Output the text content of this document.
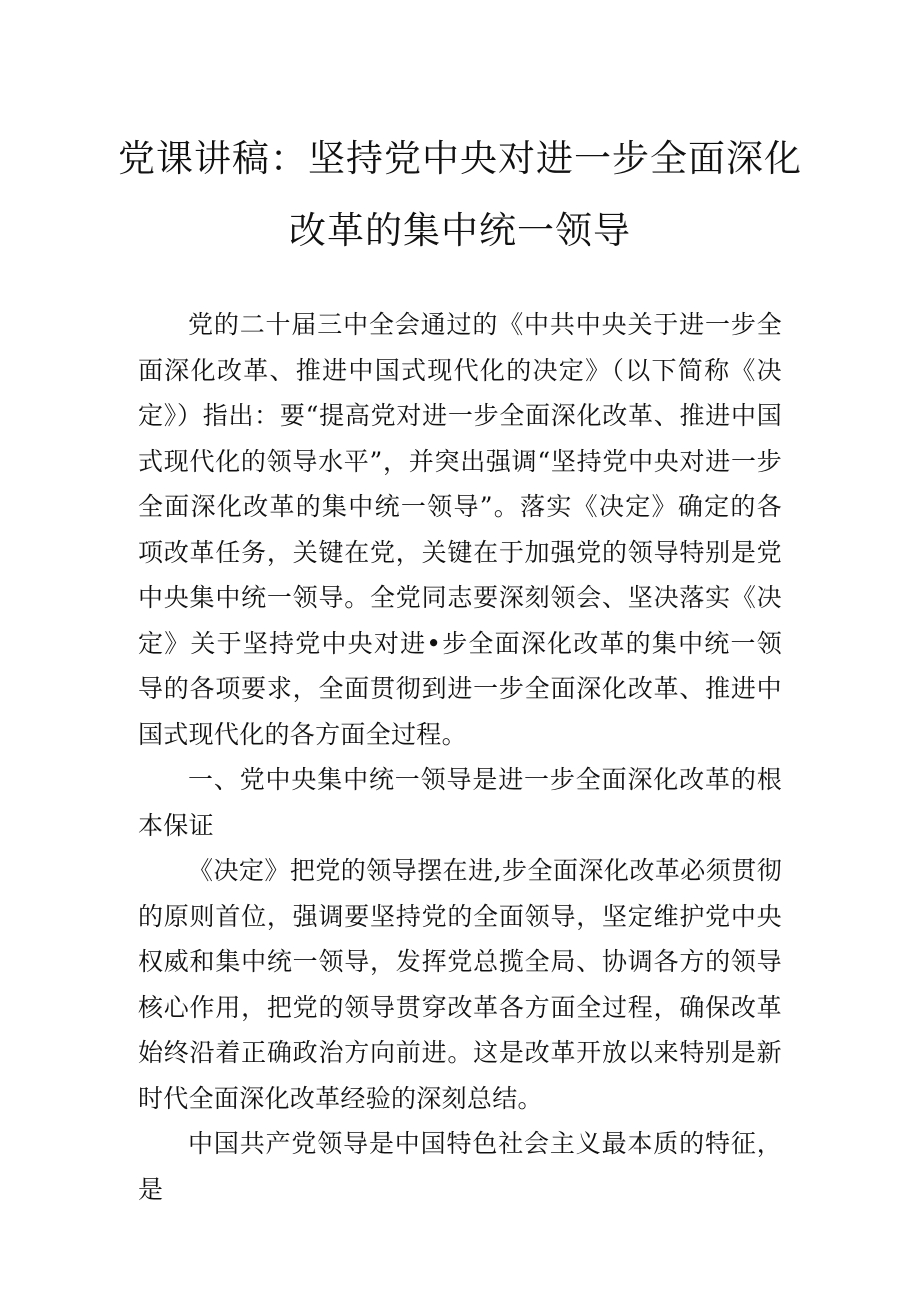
党课讲稿：坚持党中央对进一步全面深化
改革的集中统一领导

党的二十届三中全会通过的《中共中央关于进一步全面深化改革、推进中国式现代化的决定》（以下简称《决定》）指出：要“提高党对进一步全面深化改革、推进中国式现代化的领导水平”，并突出强调“坚持党中央对进一步全面深化改革的集中统一领导”。落实《决定》确定的各项改革任务，关键在党，关键在于加强党的领导特别是党中央集中统一领导。全党同志要深刻领会、坚决落实《决定》关于坚持党中央对进•步全面深化改革的集中统一领导的各项要求，全面贯彻到进一步全面深化改革、推进中国式现代化的各方面全过程。

一、党中央集中统一领导是进一步全面深化改革的根本保证

《决定》把党的领导摆在进,步全面深化改革必须贯彻的原则首位，强调要坚持党的全面领导，坚定维护党中央权威和集中统一领导，发挥党总揽全局、协调各方的领导核心作用，把党的领导贯穿改革各方面全过程，确保改革始终沿着正确政治方向前进。这是改革开放以来特别是新时代全面深化改革经验的深刻总结。

中国共产党领导是中国特色社会主义最本质的特征，是
